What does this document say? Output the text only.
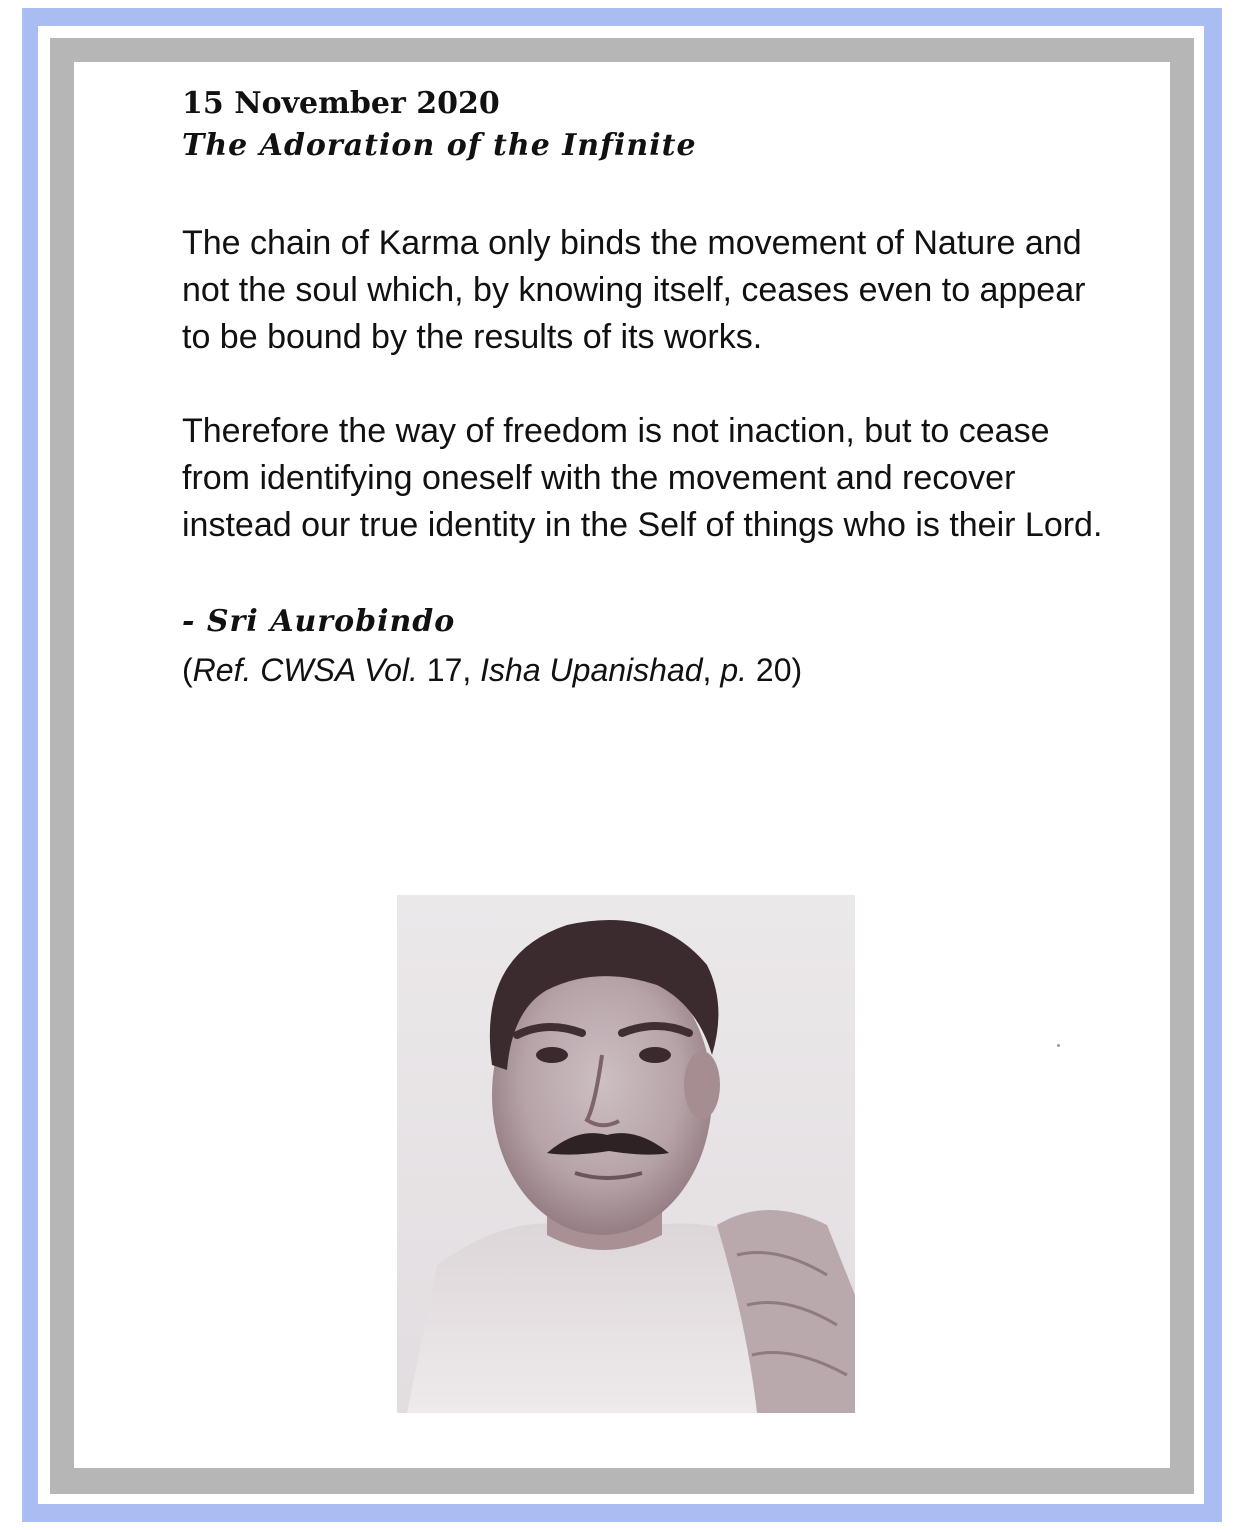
15 November 2020

The Adoration of the Infinite

The chain of Karma only binds the movement of Nature and not the soul which, by knowing itself, ceases even to appear to be bound by the results of its works.

Therefore the way of freedom is not inaction, but to cease from identifying oneself with the movement and recover instead our true identity in the Self of things who is their Lord.

- Sri Aurobindo

(Ref. CWSA Vol. 17, Isha Upanishad, p. 20)
